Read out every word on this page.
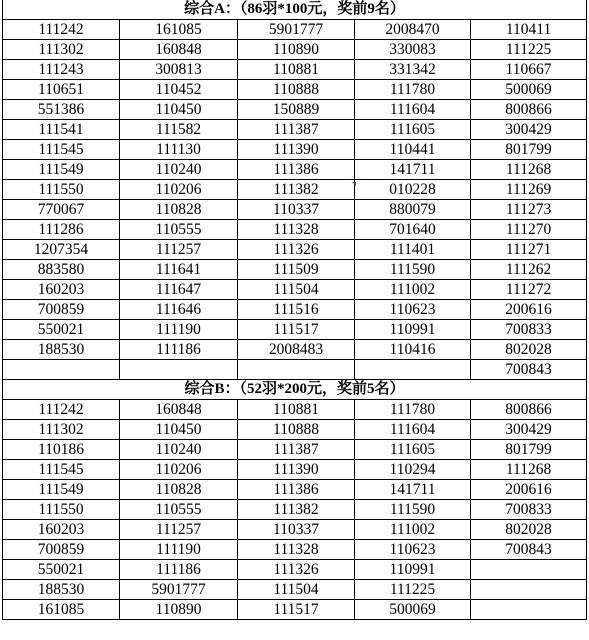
综合A：（86羽*100元，奖前9名）				
111242	161085	5901777	2008470	110411
111302	160848	110890	330083	111225
111243	300813	110881	331342	110667
110651	110452	110888	111780	500069
551386	110450	150889	111604	800866
111541	111582	111387	111605	300429
111545	111130	111390	110441	801799
111549	110240	111386	141711	111268
111550	110206	111382	010228	111269
770067	110828	110337	880079	111273
111286	110555	111328	701640	111270
1207354	111257	111326	111401	111271
883580	111641	111509	111590	111262
160203	111647	111504	111002	111272
700859	111646	111516	110623	200616
550021	111190	111517	110991	700833
188530	111186	2008483	110416	802028
				700843
综合B：（52羽*200元，奖前5名）				
111242	160848	110881	111780	800866
111302	110450	110888	111604	300429
110186	110240	111387	111605	801799
111545	110206	111390	110294	111268
111549	110828	111386	141711	200616
111550	110555	111382	111590	700833
160203	111257	110337	111002	802028
700859	111190	111328	110623	700843
550021	111186	111326	110991	
188530	5901777	111504	111225	
161085	110890	111517	500069	
